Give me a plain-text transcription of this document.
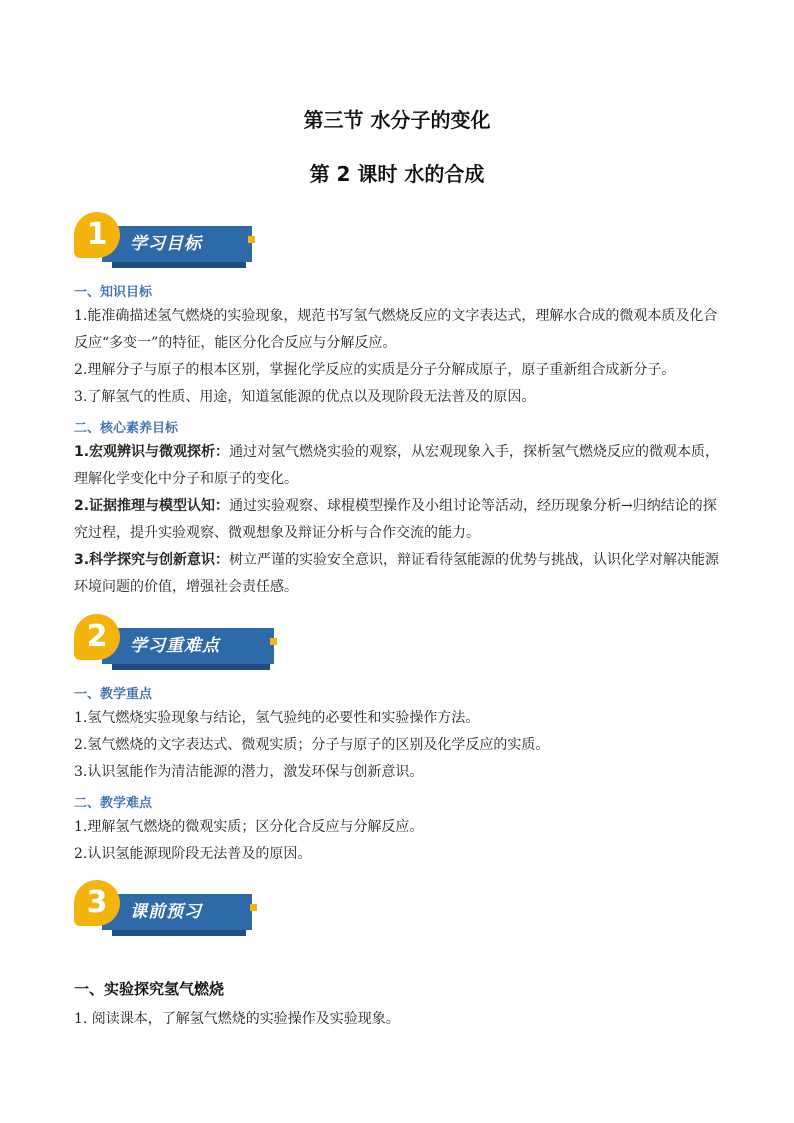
第三节 水分子的变化
第 2 课时 水的合成
1	学习目标
一、知识目标
1.能准确描述氢气燃烧的实验现象，规范书写氢气燃烧反应的文字表达式，理解水合成的微观本质及化合
反应“多变一”的特征，能区分化合反应与分解反应。
2.理解分子与原子的根本区别，掌握化学反应的实质是分子分解成原子，原子重新组合成新分子。
3.了解氢气的性质、用途，知道氢能源的优点以及现阶段无法普及的原因。
二、核心素养目标
1.宏观辨识与微观探析：通过对氢气燃烧实验的观察，从宏观现象入手，探析氢气燃烧反应的微观本质，
理解化学变化中分子和原子的变化。
2.证据推理与模型认知：通过实验观察、球棍模型操作及小组讨论等活动，经历现象分析→归纳结论的探
究过程，提升实验观察、微观想象及辩证分析与合作交流的能力。
3.科学探究与创新意识：树立严谨的实验安全意识，辩证看待氢能源的优势与挑战，认识化学对解决能源
环境问题的价值，增强社会责任感。
2	学习重难点
一、教学重点
1.氢气燃烧实验现象与结论，氢气验纯的必要性和实验操作方法。
2.氢气燃烧的文字表达式、微观实质；分子与原子的区别及化学反应的实质。
3.认识氢能作为清洁能源的潜力，激发环保与创新意识。
二、教学难点
1.理解氢气燃烧的微观实质；区分化合反应与分解反应。
2.认识氢能源现阶段无法普及的原因。
3	课前预习
一、实验探究氢气燃烧
1. 阅读课本，了解氢气燃烧的实验操作及实验现象。
